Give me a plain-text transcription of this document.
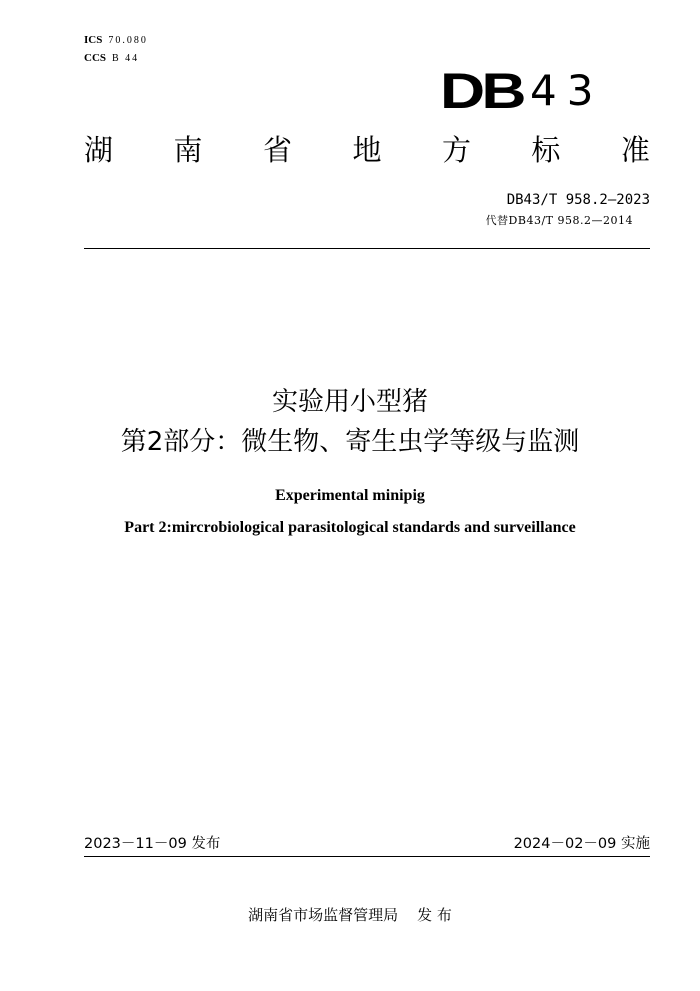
ICS 70.080
CCS B 44
DB 43
湖 南 省 地 方 标 准
DB43/T 958.2—2023
代替DB43/T 958.2—2014
实验用小型猪
第2部分：微生物、寄生虫学等级与监测
Experimental minipig
Part 2:mircrobiological parasitological standards and surveillance
2023－11－09 发布	2024－02－09 实施
湖南省市场监督管理局    发 布
